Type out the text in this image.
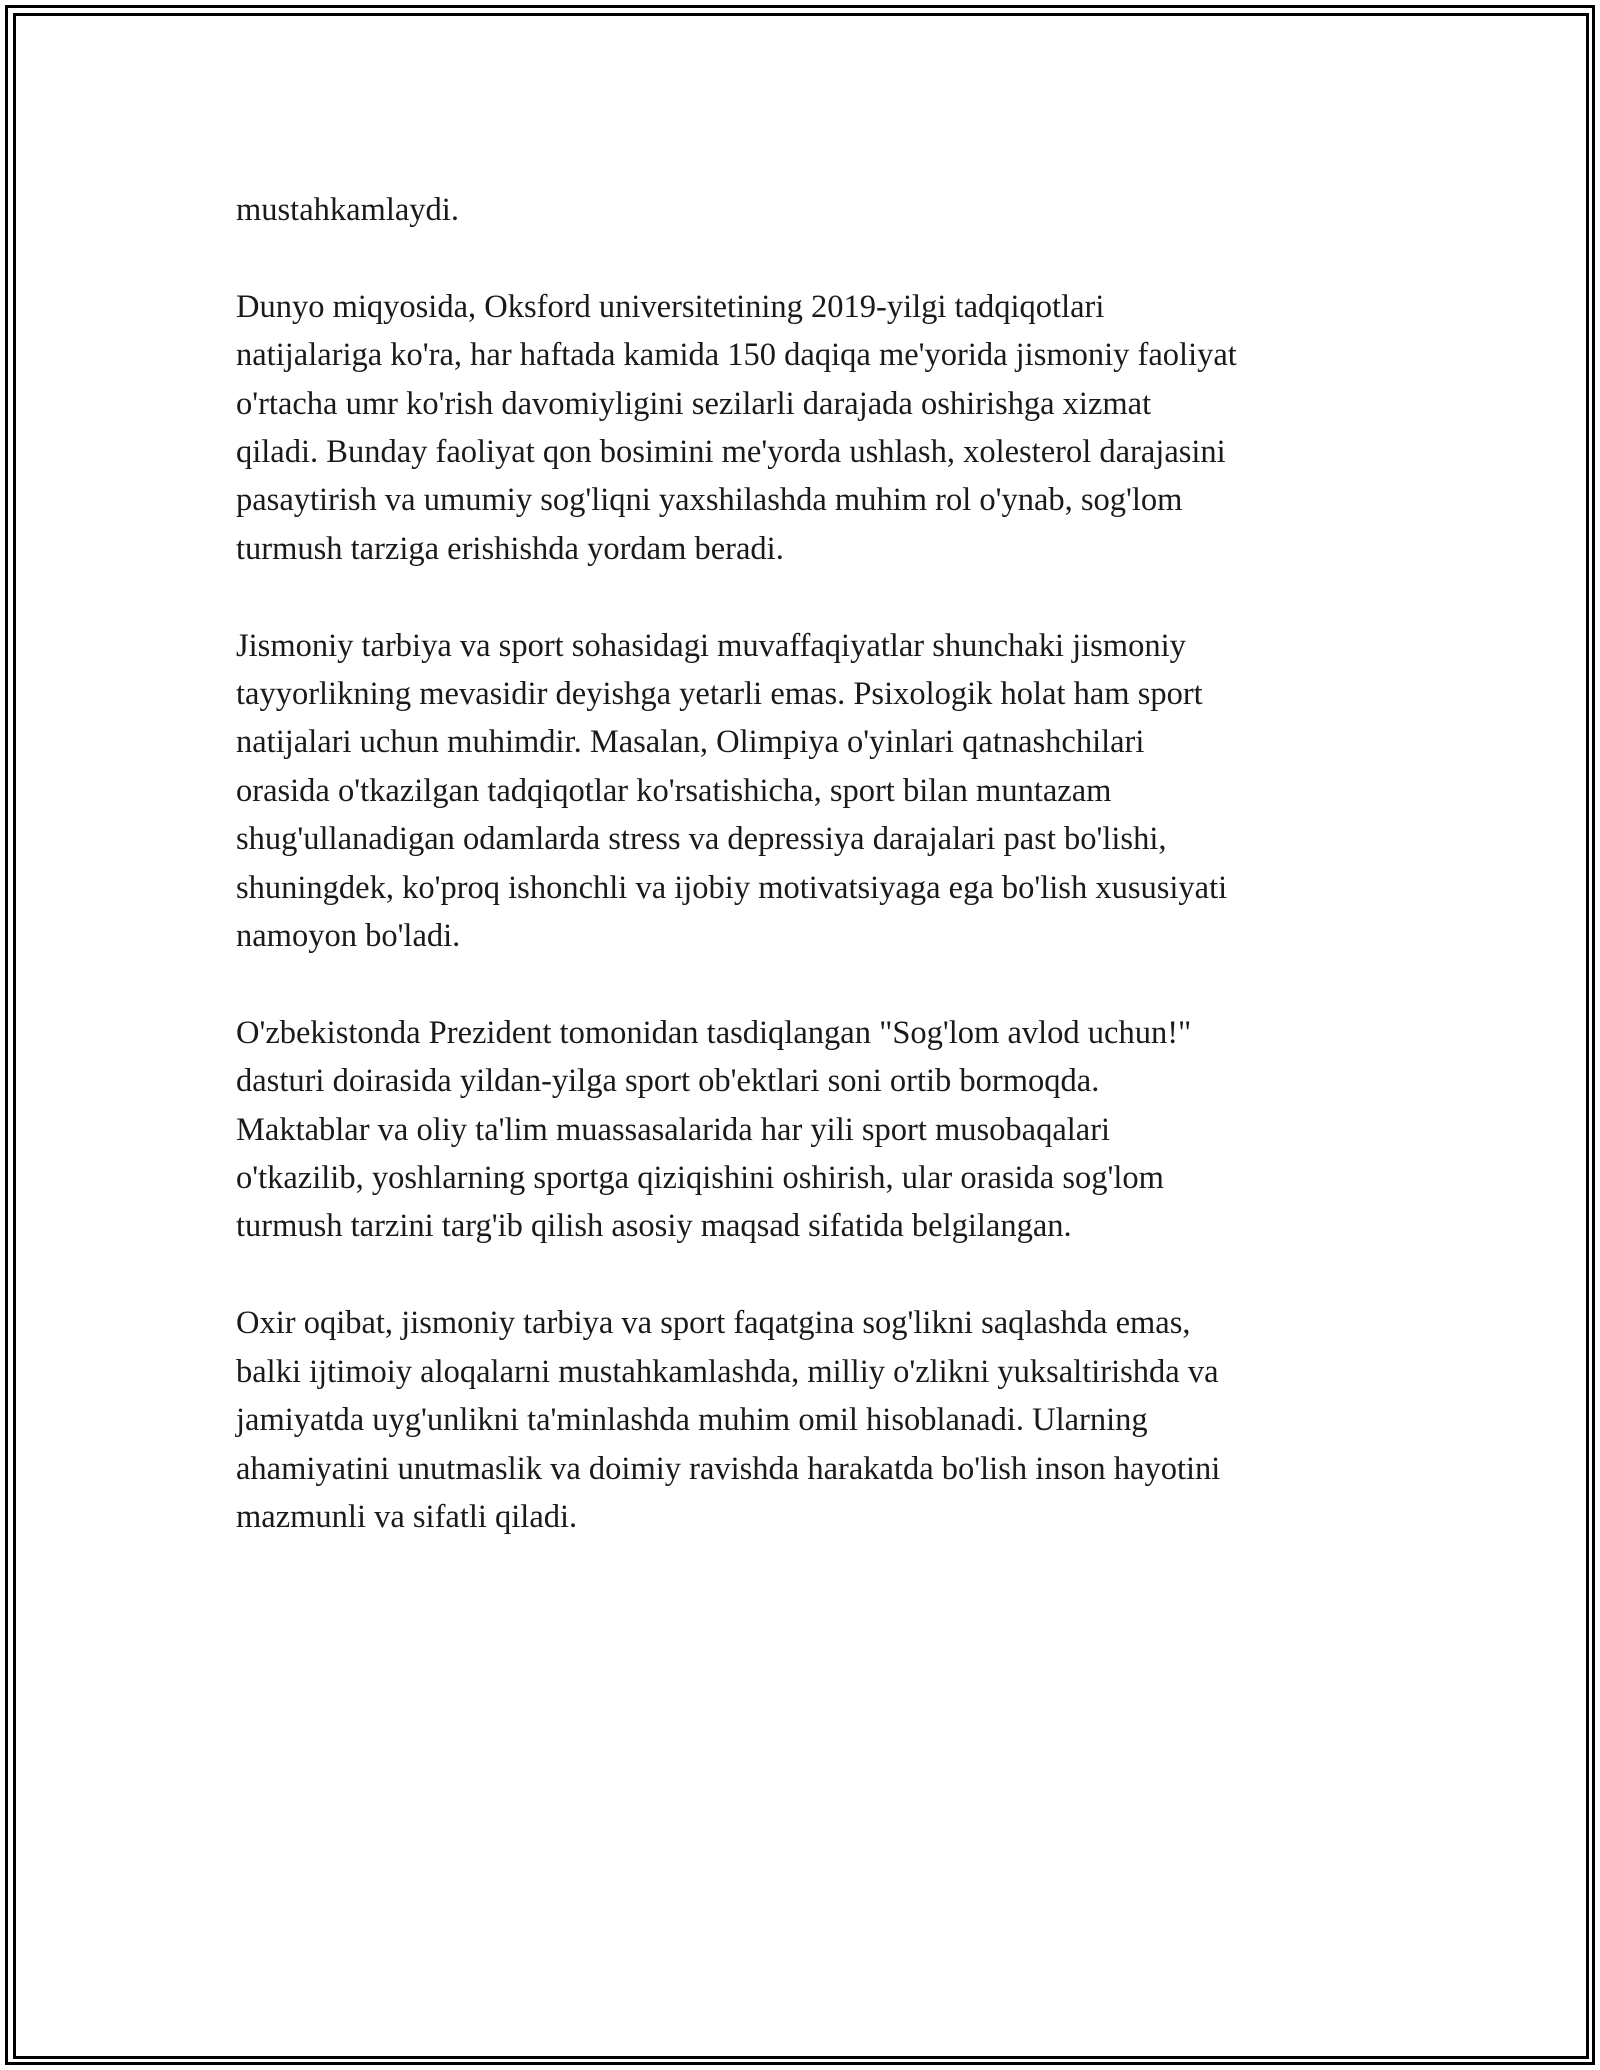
mustahkamlaydi.

Dunyo miqyosida, Oksford universitetining 2019-yilgi tadqiqotlari
natijalariga ko'ra, har haftada kamida 150 daqiqa me'yorida jismoniy faoliyat
o'rtacha umr ko'rish davomiyligini sezilarli darajada oshirishga xizmat
qiladi. Bunday faoliyat qon bosimini me'yorda ushlash, xolesterol darajasini
pasaytirish va umumiy sog'liqni yaxshilashda muhim rol o'ynab, sog'lom
turmush tarziga erishishda yordam beradi.

Jismoniy tarbiya va sport sohasidagi muvaffaqiyatlar shunchaki jismoniy
tayyorlikning mevasidir deyishga yetarli emas. Psixologik holat ham sport
natijalari uchun muhimdir. Masalan, Olimpiya o'yinlari qatnashchilari
orasida o'tkazilgan tadqiqotlar ko'rsatishicha, sport bilan muntazam
shug'ullanadigan odamlarda stress va depressiya darajalari past bo'lishi,
shuningdek, ko'proq ishonchli va ijobiy motivatsiyaga ega bo'lish xususiyati
namoyon bo'ladi.

O'zbekistonda Prezident tomonidan tasdiqlangan "Sog'lom avlod uchun!"
dasturi doirasida yildan-yilga sport ob'ektlari soni ortib bormoqda.
Maktablar va oliy ta'lim muassasalarida har yili sport musobaqalari
o'tkazilib, yoshlarning sportga qiziqishini oshirish, ular orasida sog'lom
turmush tarzini targ'ib qilish asosiy maqsad sifatida belgilangan.

Oxir oqibat, jismoniy tarbiya va sport faqatgina sog'likni saqlashda emas,
balki ijtimoiy aloqalarni mustahkamlashda, milliy o'zlikni yuksaltirishda va
jamiyatda uyg'unlikni ta'minlashda muhim omil hisoblanadi. Ularning
ahamiyatini unutmaslik va doimiy ravishda harakatda bo'lish inson hayotini
mazmunli va sifatli qiladi.
